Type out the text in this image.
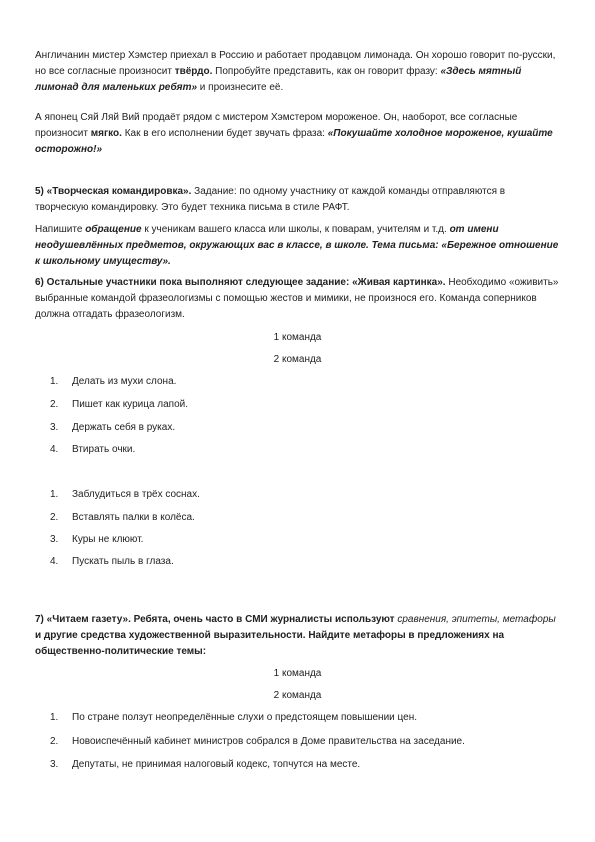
Англичанин мистер Хэмстер приехал в Россию и работает продавцом лимонада. Он хорошо говорит по-русски, но все согласные произносит твёрдо. Попробуйте представить, как он говорит фразу: «Здесь мятный лимонад для маленьких ребят» и произнесите её.

А японец Сяй Ляй Вий продаёт рядом с мистером Хэмстером мороженое. Он, наоборот, все согласные произносит мягко. Как в его исполнении будет звучать фраза: «Покушайте холодное мороженое, кушайте осторожно!»

5) «Творческая командировка». Задание: по одному участнику от каждой команды отправляются в творческую командировку. Это будет техника письма в стиле РАФТ.

Напишите обращение к ученикам вашего класса или школы, к поварам, учителям и т.д. от имени неодушевлённых предметов, окружающих вас в классе, в школе. Тема письма: «Бережное отношение к школьному имуществу».

6) Остальные участники пока выполняют следующее задание: «Живая картинка». Необходимо «оживить» выбранные командой фразеологизмы с помощью жестов и мимики, не произнося его. Команда соперников должна отгадать фразеологизм.

1 команда

2 команда

1. Делать из мухи слона.

2. Пишет как курица лапой.

3. Держать себя в руках.

4. Втирать очки.

1. Заблудиться в трёх соснах.

2. Вставлять палки в колёса.

3. Куры не клюют.

4. Пускать пыль в глаза.

7) «Читаем газету». Ребята, очень часто в СМИ журналисты используют сравнения, эпитеты, метафоры и другие средства художественной выразительности. Найдите метафоры в предложениях на общественно-политические темы:

1 команда

2 команда

1. По стране ползут неопределённые слухи о предстоящем повышении цен.

2. Новоиспечённый кабинет министров собрался в Доме правительства на заседание.

3. Депутаты, не принимая налоговый кодекс, топчутся на месте.
